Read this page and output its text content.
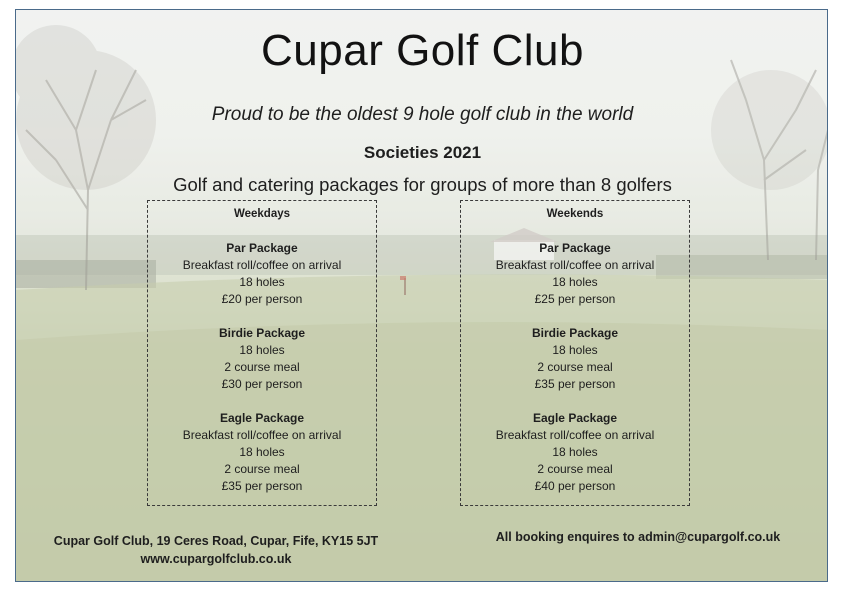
Cupar Golf Club
Proud to be the oldest 9 hole golf club in the world
Societies 2021
Golf and catering packages for groups of more than 8 golfers
Weekdays
Par Package
Breakfast roll/coffee on arrival
18 holes
£20 per person
Birdie Package
18 holes
2 course meal
£30 per person
Eagle Package
Breakfast roll/coffee on arrival
18 holes
2 course meal
£35 per person
Weekends
Par Package
Breakfast roll/coffee on arrival
18 holes
£25 per person
Birdie Package
18 holes
2 course meal
£35 per person
Eagle Package
Breakfast roll/coffee on arrival
18 holes
2 course meal
£40 per person
Cupar Golf Club, 19 Ceres Road, Cupar, Fife, KY15 5JT
www.cupargolfclub.co.uk
All booking enquires to admin@cupargolf.co.uk
